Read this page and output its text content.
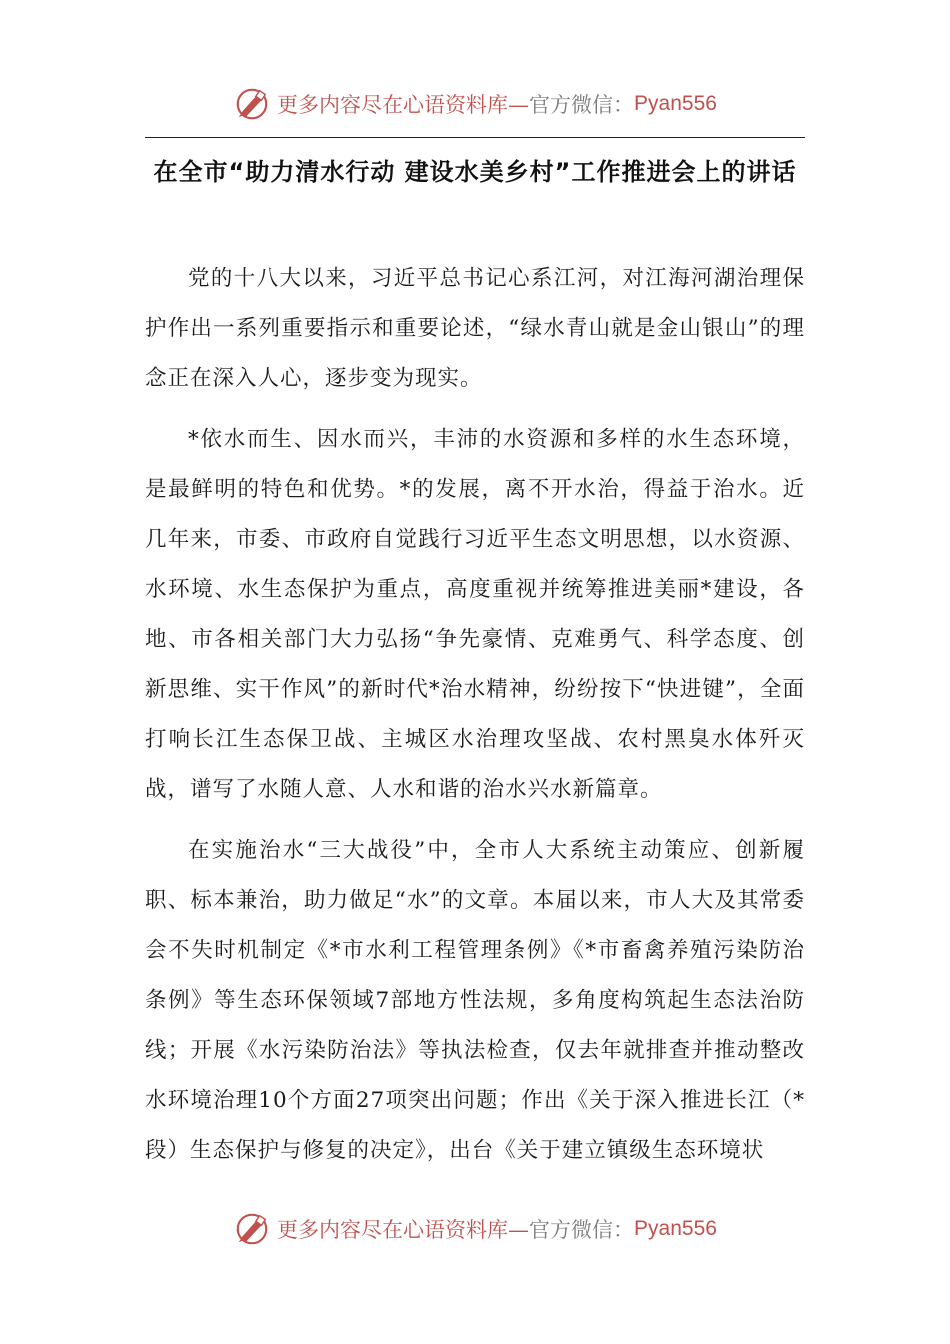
更多内容尽在心语资料库— 官方微信： Pyan556
在全市“助力清水行动 建设水美乡村”工作推进会上的讲话

党的十八大以来，习近平总书记心系江河，对江海河湖治理保护作出一系列重要指示和重要论述，“绿水青山就是金山银山”的理念正在深入人心，逐步变为现实。

*依水而生、因水而兴，丰沛的水资源和多样的水生态环境，是最鲜明的特色和优势。*的发展，离不开水治，得益于治水。近几年来，市委、市政府自觉践行习近平生态文明思想，以水资源、水环境、水生态保护为重点，高度重视并统筹推进美丽*建设，各地、市各相关部门大力弘扬“争先豪情、克难勇气、科学态度、创新思维、实干作风”的新时代*治水精神，纷纷按下“快进键”，全面打响长江生态保卫战、主城区水治理攻坚战、农村黑臭水体歼灭战，谱写了水随人意、人水和谐的治水兴水新篇章。

在实施治水“三大战役”中，全市人大系统主动策应、创新履职、标本兼治，助力做足“水”的文章。本届以来，市人大及其常委会不失时机制定《*市水利工程管理条例》《*市畜禽养殖污染防治条例》等生态环保领域7部地方性法规，多角度构筑起生态法治防线；开展《水污染防治法》等执法检查，仅去年就排查并推动整改水环境治理10个方面27项突出问题；作出《关于深入推进长江（*段）生态保护与修复的决定》，出台《关于建立镇级生态环境状

更多内容尽在心语资料库— 官方微信： Pyan556
